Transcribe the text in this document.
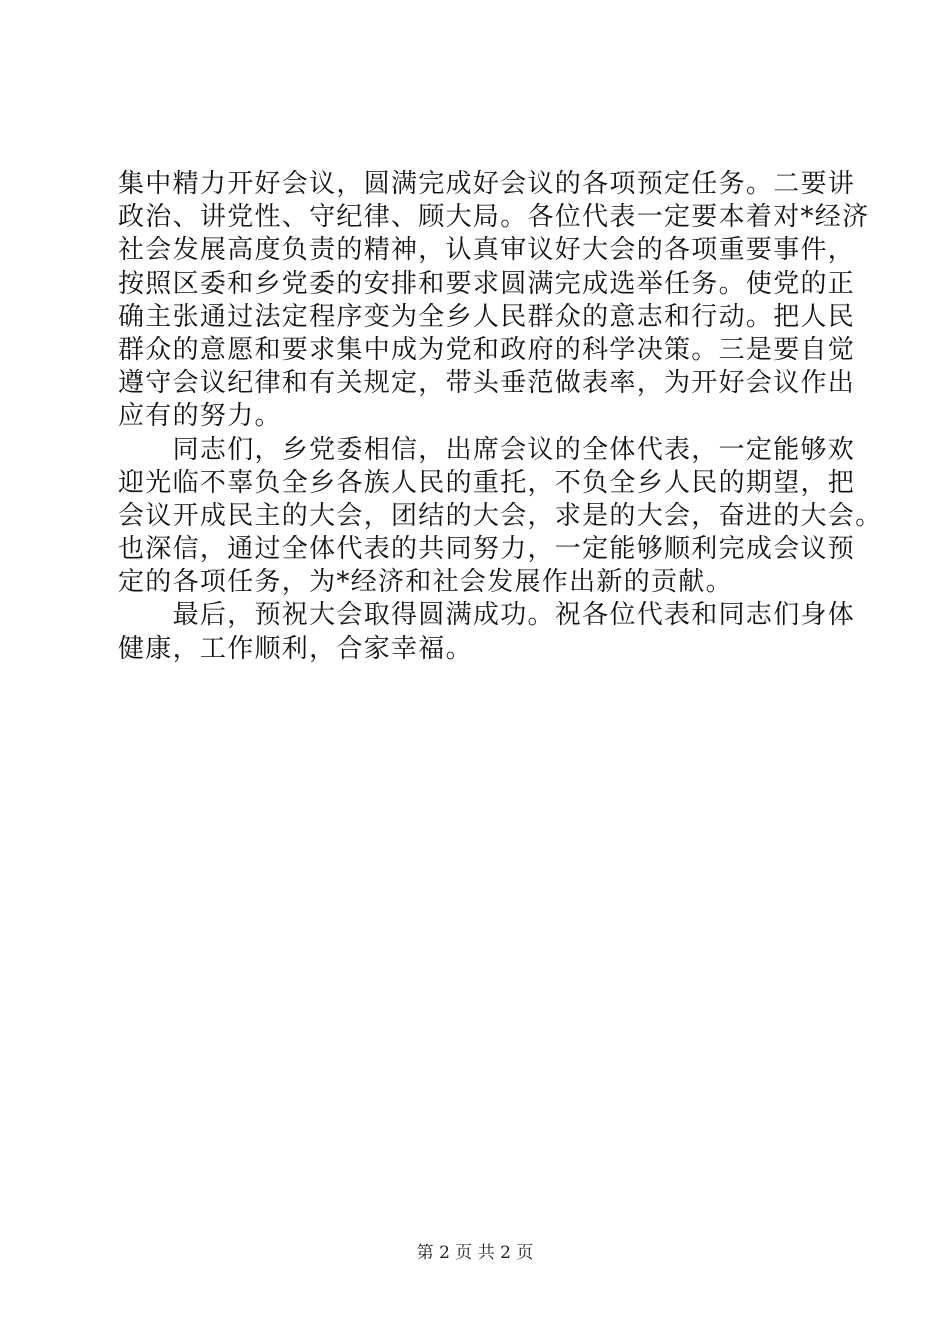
集中精力开好会议，圆满完成好会议的各项预定任务。二要讲
政治、讲党性、守纪律、顾大局。各位代表一定要本着对*经济
社会发展高度负责的精神，认真审议好大会的各项重要事件，
按照区委和乡党委的安排和要求圆满完成选举任务。使党的正
确主张通过法定程序变为全乡人民群众的意志和行动。把人民
群众的意愿和要求集中成为党和政府的科学决策。三是要自觉
遵守会议纪律和有关规定，带头垂范做表率，为开好会议作出
应有的努力。
　　同志们，乡党委相信，出席会议的全体代表，一定能够欢
迎光临不辜负全乡各族人民的重托，不负全乡人民的期望，把
会议开成民主的大会，团结的大会，求是的大会，奋进的大会。
也深信，通过全体代表的共同努力，一定能够顺利完成会议预
定的各项任务，为*经济和社会发展作出新的贡献。
　　最后，预祝大会取得圆满成功。祝各位代表和同志们身体
健康，工作顺利，合家幸福。
第 2 页 共 2 页
